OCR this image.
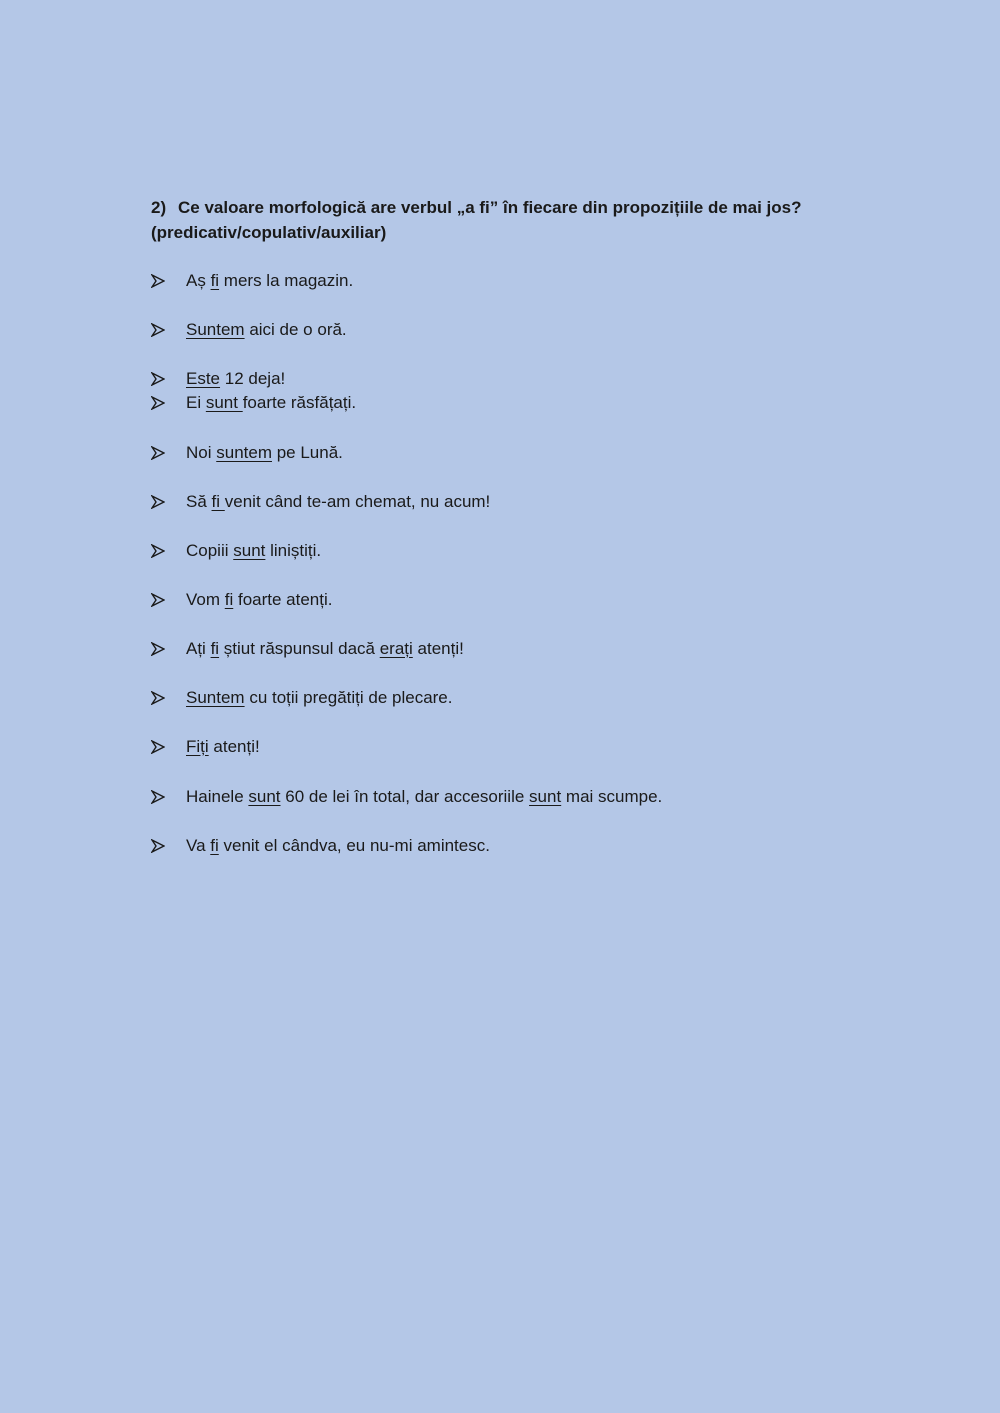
2) Ce valoare morfologică are verbul „a fi” în fiecare din propozițiile de mai jos?
(predicativ/copulativ/auxiliar)
Aș fi mers la magazin.
Suntem aici de o oră.
Este 12 deja!
Ei sunt foarte răsfățați.
Noi suntem pe Lună.
Să fi venit când te-am chemat, nu acum!
Copiii sunt liniștiți.
Vom fi foarte atenți.
Ați fi știut răspunsul dacă erați atenți!
Suntem cu toții pregătiți de plecare.
Fiți atenți!
Hainele sunt 60 de lei în total, dar accesoriile sunt mai scumpe.
Va fi venit el cândva, eu nu-mi amintesc.
